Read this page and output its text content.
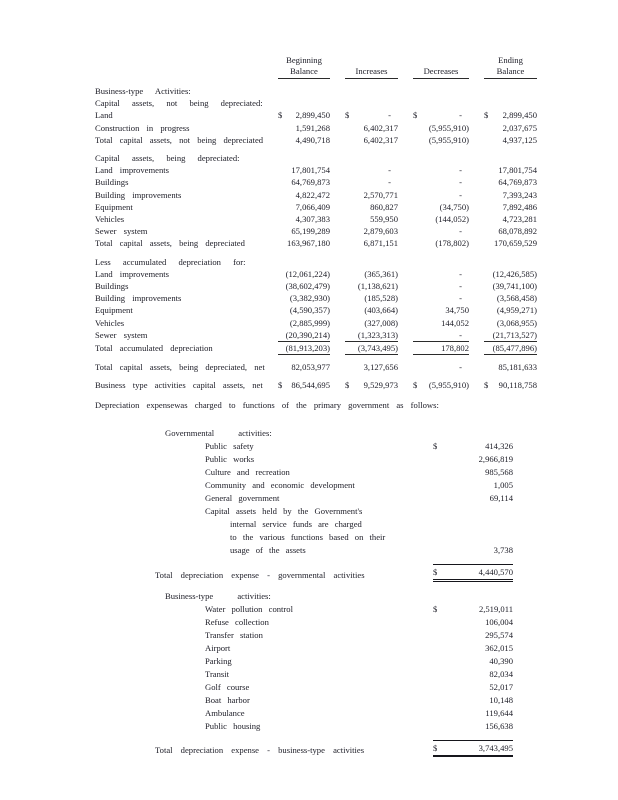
Beginning
Balance
	Increases
	Decreases
Ending
Balance
Business-type Activities:
Capital assets, not being depreciated:
Land	$	2,899,450 $	-	$	-	$	2,899,450
Construction in progress	1,591,268	6,402,317	(5,955,910)	2,037,675
Total capital assets, not being depreciated	4,490,718	6,402,317	(5,955,910)	4,937,125
Capital assets, being depreciated:
Land improvements	17,801,754	-	-	17,801,754
Buildings	64,769,873	-	-	64,769,873
Building improvements	4,822,472	2,570,771	-	7,393,243
Equipment	7,066,409	860,827	(34,750)	7,892,486
Vehicles	4,307,383	559,950	(144,052)	4,723,281
Sewer system	65,199,289	2,879,603	-	68,078,892
Total capital assets, being depreciated	163,967,180	6,871,151	(178,802)	170,659,529
Less accumulated depreciation for:
Land improvements	(12,061,224)	(365,361)	-	(12,426,585)
Buildings	(38,602,479)	(1,138,621)	-	(39,741,100)
Building improvements	(3,382,930)	(185,528)	-	(3,568,458)
Equipment	(4,590,357)	(403,664)	34,750	(4,959,271)
Vehicles	(2,885,999)	(327,008)	144,052	(3,068,955)
Sewer system	(20,390,214)	(1,323,313)	-	(21,713,527)
Total accumulated depreciation	(81,913,203)	(3,743,495)	178,802	(85,477,896)
Total capital assets, being depreciated, net	82,053,977	3,127,656	-	85,181,633
Business type activities capital assets, net $	86,544,695 $	9,529,973 $	(5,955,910) $	90,118,758
Depreciation expensewas charged to functions of the primary government as follows:
Governmental activities:
Public safety	$	414,326
Public works	2,966,819
Culture and recreation	985,568
Community and economic development	1,005
General government	69,114
Capital assets held by the Government's
internal service funds are charged
to the various functions based on their
usage of the assets	3,738
Total depreciation expense - governmental activities	$	4,440,570
Business-type activities:
Water pollution control	$	2,519,011
Refuse collection	106,004
Transfer station	295,574
Airport	362,015
Parking	40,390
Transit	82,034
Golf course	52,017
Boat harbor	10,148
Ambulance	119,644
Public housing	156,638
Total depreciation expense - business-type activities	$	3,743,495
